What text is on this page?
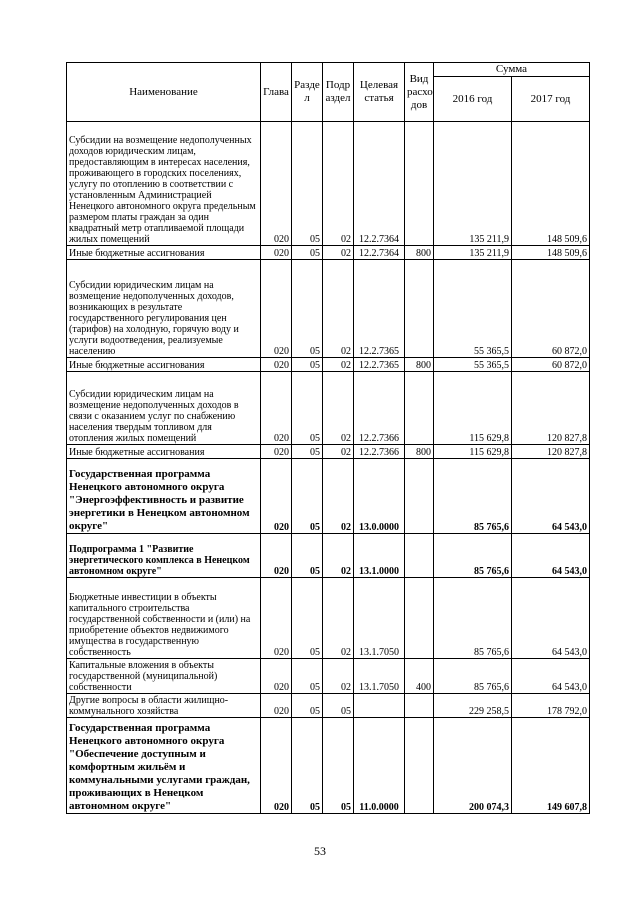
Наименование	Глава	Разде л	Подр аздел	Целевая статья	Вид расхо дов	Сумма	
						2016 год	2017 год
Субсидии на возмещение недополученных доходов юридическим лицам, предоставляющим в интересах населения, проживающего в городских поселениях, услугу по отоплению в соответствии с установленным Администрацией Ненецкого автономного округа предельным размером платы граждан за один квадратный метр отапливаемой площади жилых помещений	020	05	02	12.2.7364		135 211,9	148 509,6
Иные бюджетные ассигнования	020	05	02	12.2.7364	800	135 211,9	148 509,6
Субсидии юридическим лицам на возмещение недополученных доходов, возникающих в результате государственного регулирования цен (тарифов) на холодную, горячую воду и услуги водоотведения, реализуемые населению	020	05	02	12.2.7365		55 365,5	60 872,0
Иные бюджетные ассигнования	020	05	02	12.2.7365	800	55 365,5	60 872,0
Субсидии юридическим лицам на возмещение недополученных доходов в связи с оказанием услуг по снабжению населения твердым топливом для отопления жилых помещений	020	05	02	12.2.7366		115 629,8	120 827,8
Иные бюджетные ассигнования	020	05	02	12.2.7366	800	115 629,8	120 827,8
Государственная программа Ненецкого автономного округа "Энергоэффективность и развитие энергетики в Ненецком автономном округе"	020	05	02	13.0.0000		85 765,6	64 543,0
Подпрограмма 1 "Развитие энергетического комплекса в Ненецком автономном округе"	020	05	02	13.1.0000		85 765,6	64 543,0
Бюджетные инвестиции в объекты капитального строительства государственной собственности и (или) на приобретение объектов недвижимого имущества в государственную собственность	020	05	02	13.1.7050		85 765,6	64 543,0
Капитальные вложения в объекты государственной (муниципальной) собственности	020	05	02	13.1.7050	400	85 765,6	64 543,0
Другие вопросы в области жилищно-коммунального хозяйства	020	05	05			229 258,5	178 792,0
Государственная программа Ненецкого автономного округа "Обеспечение доступным и комфортным жильём и коммунальными услугами граждан, проживающих в Ненецком автономном округе"	020	05	05	11.0.0000		200 074,3	149 607,8
53
